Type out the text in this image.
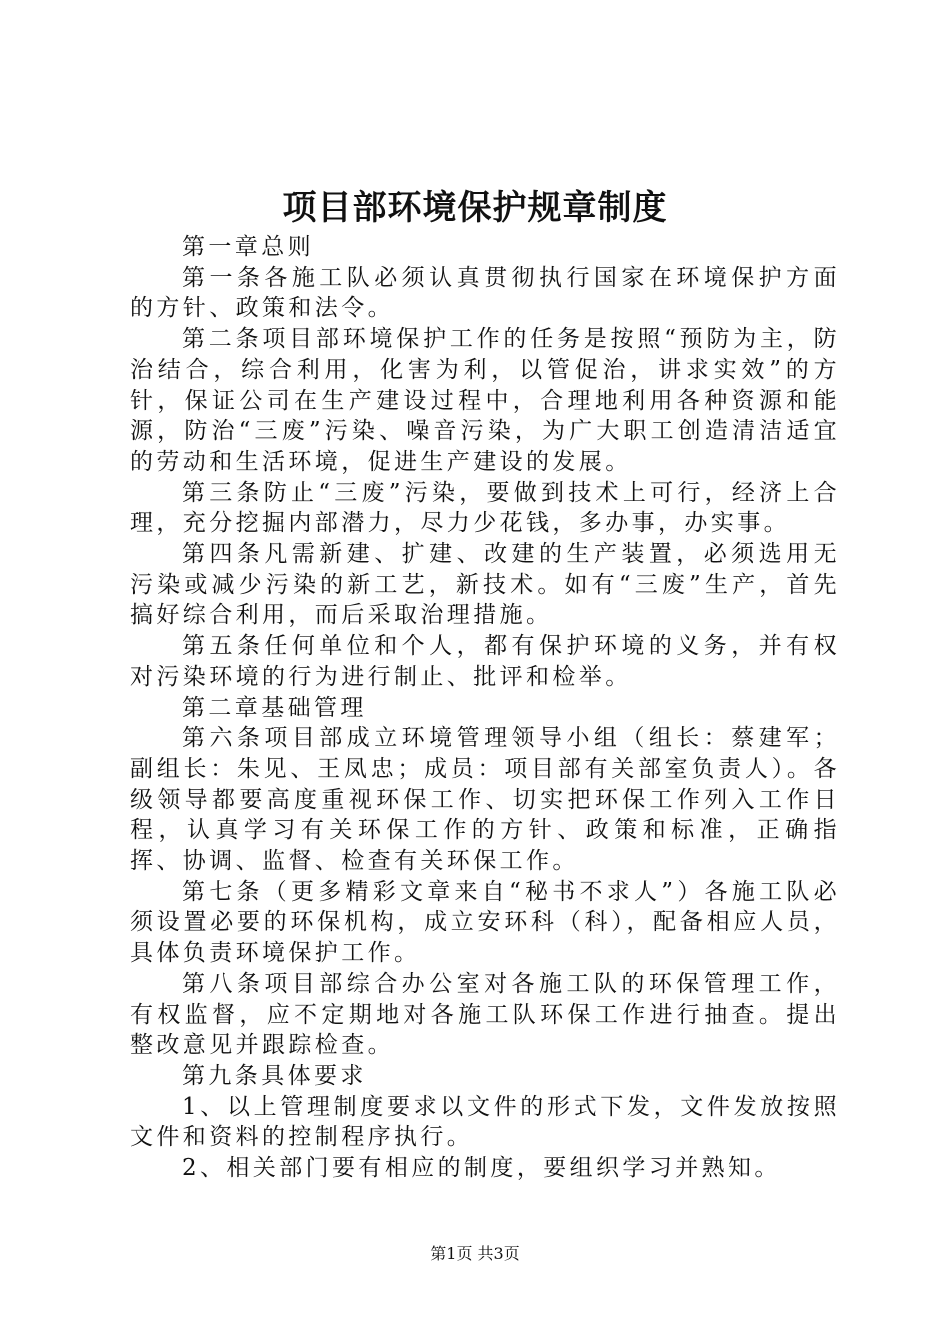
项目部环境保护规章制度

第一章总则

第一条各施工队必须认真贯彻执行国家在环境保护方面的方针、政策和法令。

第二条项目部环境保护工作的任务是按照“预防为主，防治结合，综合利用，化害为利，以管促治，讲求实效”的方针，保证公司在生产建设过程中，合理地利用各种资源和能源，防治“三废”污染、噪音污染，为广大职工创造清洁适宜的劳动和生活环境，促进生产建设的发展。

第三条防止“三废”污染，要做到技术上可行，经济上合理，充分挖掘内部潜力，尽力少花钱，多办事，办实事。

第四条凡需新建、扩建、改建的生产装置，必须选用无污染或减少污染的新工艺，新技术。如有“三废”生产，首先搞好综合利用，而后采取治理措施。

第五条任何单位和个人，都有保护环境的义务，并有权对污染环境的行为进行制止、批评和检举。

第二章基础管理

第六条项目部成立环境管理领导小组（组长：蔡建军；副组长：朱见、王凤忠；成员：项目部有关部室负责人）。各级领导都要高度重视环保工作、切实把环保工作列入工作日程，认真学习有关环保工作的方针、政策和标准，正确指挥、协调、监督、检查有关环保工作。

第七条（更多精彩文章来自“秘书不求人”）各施工队必须设置必要的环保机构，成立安环科（科），配备相应人员，具体负责环境保护工作。

第八条项目部综合办公室对各施工队的环保管理工作，有权监督，应不定期地对各施工队环保工作进行抽查。提出整改意见并跟踪检查。

第九条具体要求

1、以上管理制度要求以文件的形式下发，文件发放按照文件和资料的控制程序执行。

2、相关部门要有相应的制度，要组织学习并熟知。

第1页 共3页
